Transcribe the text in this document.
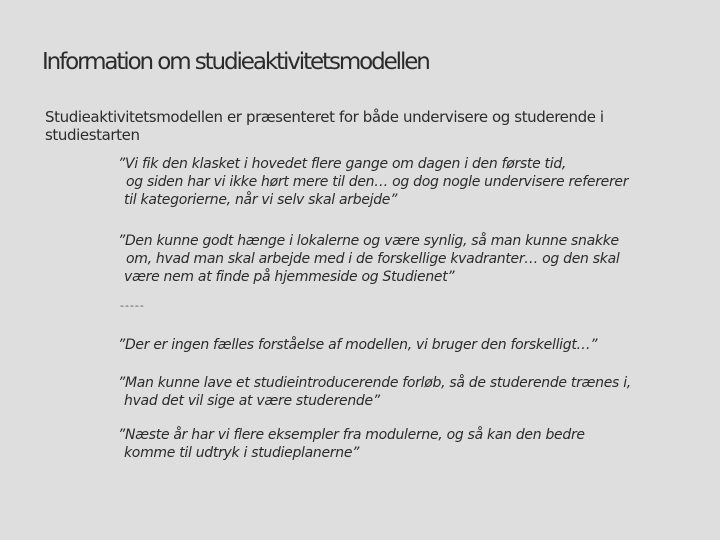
Information om studieaktivitetsmodellen

Studieaktivitetsmodellen er præsenteret for både undervisere og studerende i
studiestarten

”Vi fik den klasket i hovedet flere gange om dagen i den første tid,
og siden har vi ikke hørt mere til den… og dog nogle undervisere refererer
til kategorierne, når vi selv skal arbejde”
”Den kunne godt hænge i lokalerne og være synlig, så man kunne snakke
om, hvad man skal arbejde med i de forskellige kvadranter… og den skal
være nem at finde på hjemmeside og Studienet”

-----

”Der er ingen fælles forståelse af modellen, vi bruger den forskelligt…”
”Man kunne lave et studieintroducerende forløb, så de studerende trænes i,
hvad det vil sige at være studerende”
”Næste år har vi flere eksempler fra modulerne, og så kan den bedre
komme til udtryk i studieplanerne”
